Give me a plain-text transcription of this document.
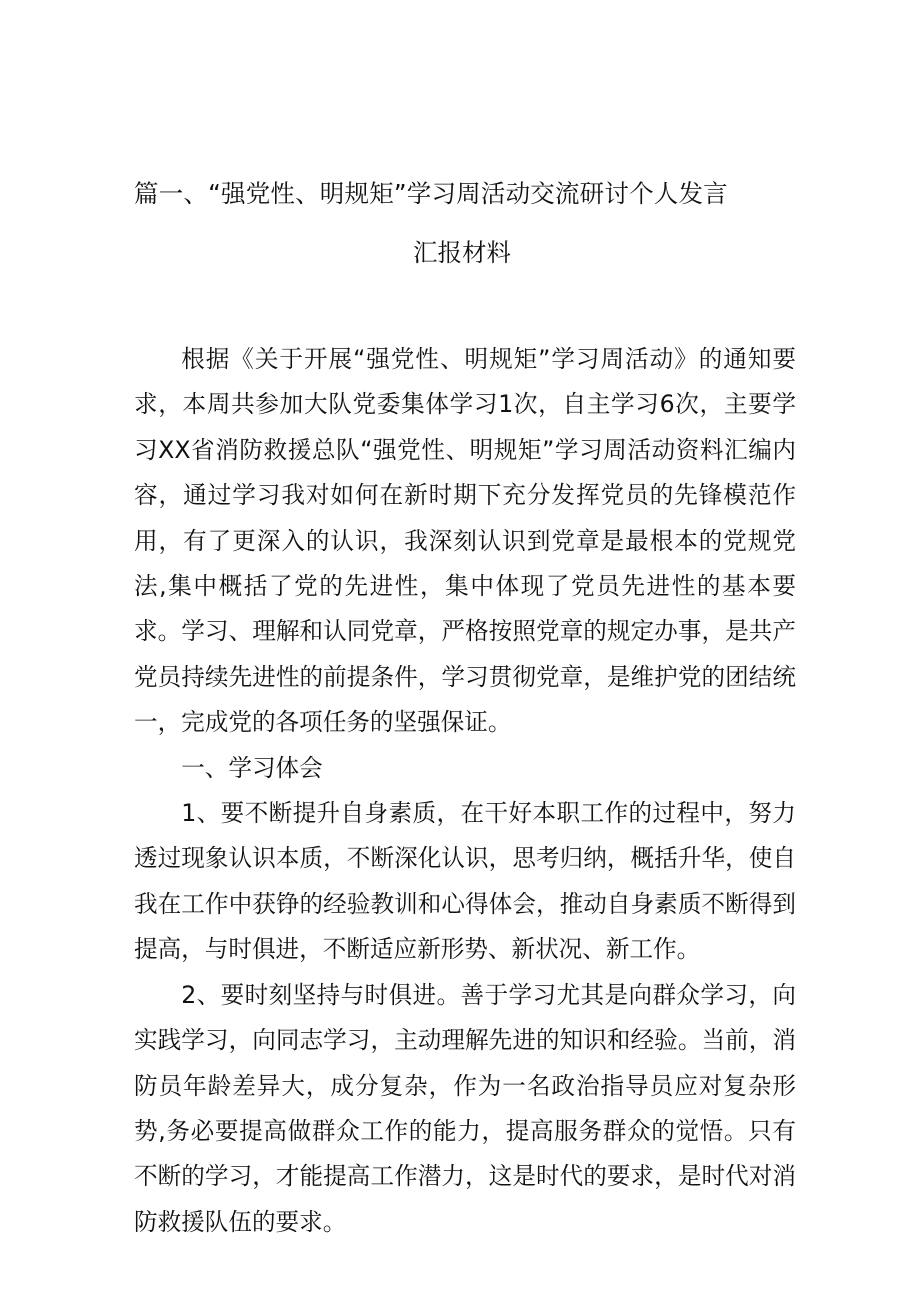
篇一、“强党性、明规矩”学习周活动交流研讨个人发言
汇报材料

根据《关于开展“强党性、明规矩”学习周活动》的通知要求，本周共参加大队党委集体学习1次，自主学习6次，主要学习XX省消防救援总队“强党性、明规矩”学习周活动资料汇编内容，通过学习我对如何在新时期下充分发挥党员的先锋模范作用，有了更深入的认识，我深刻认识到党章是最根本的党规党法,集中概括了党的先进性，集中体现了党员先进性的基本要求。学习、理解和认同党章，严格按照党章的规定办事，是共产党员持续先进性的前提条件，学习贯彻党章，是维护党的团结统一，完成党的各项任务的坚强保证。

一、学习体会

1、要不断提升自身素质，在干好本职工作的过程中，努力透过现象认识本质，不断深化认识，思考归纳，概括升华，使自我在工作中获铮的经验教训和心得体会，推动自身素质不断得到提高，与时俱进，不断适应新形势、新状况、新工作。

2、要时刻坚持与时俱进。善于学习尤其是向群众学习，向实践学习，向同志学习，主动理解先进的知识和经验。当前，消防员年龄差异大，成分复杂，作为一名政治指导员应对复杂形势,务必要提高做群众工作的能力，提高服务群众的觉悟。只有不断的学习，才能提高工作潜力，这是时代的要求，是时代对消防救援队伍的要求。
